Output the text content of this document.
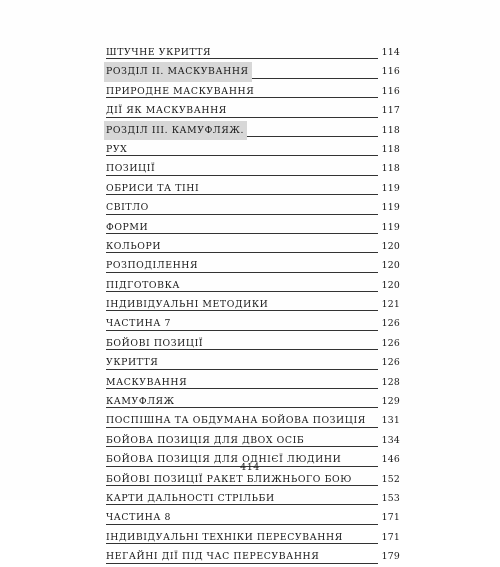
ШТУЧНЕ УКРИТТЯ	114
РОЗДІЛ II. МАСКУВАННЯ	116
ПРИРОДНЕ МАСКУВАННЯ	116
ДІЇ ЯК МАСКУВАННЯ	117
РОЗДІЛ III. КАМУФЛЯЖ.	118
РУХ	118
ПОЗИЦІЇ	118
ОБРИСИ ТА ТІНІ	119
СВІТЛО	119
ФОРМИ	119
КОЛЬОРИ	120
РОЗПОДІЛЕННЯ	120
ПІДГОТОВКА	120
ІНДИВІДУАЛЬНІ МЕТОДИКИ	121
ЧАСТИНА 7	126
БОЙОВІ ПОЗИЦІЇ	126
УКРИТТЯ	126
МАСКУВАННЯ	128
КАМУФЛЯЖ	129
ПОСПІШНА ТА ОБДУМАНА БОЙОВА ПОЗИЦІЯ 131
БОЙОВА ПОЗИЦІЯ ДЛЯ ДВОХ ОСІБ	134
БОЙОВА ПОЗИЦІЯ ДЛЯ ОДНІЄЇ ЛЮДИНИ	146
БОЙОВІ ПОЗИЦІЇ РАКЕТ БЛИЖНЬОГО БОЮ	152
КАРТИ ДАЛЬНОСТІ СТРІЛЬБИ	153
ЧАСТИНА 8	171
ІНДИВІДУАЛЬНІ ТЕХНІКИ ПЕРЕСУВАННЯ	171
НЕГАЙНІ ДІЇ ПІД ЧАС ПЕРЕСУВАННЯ	179
414
